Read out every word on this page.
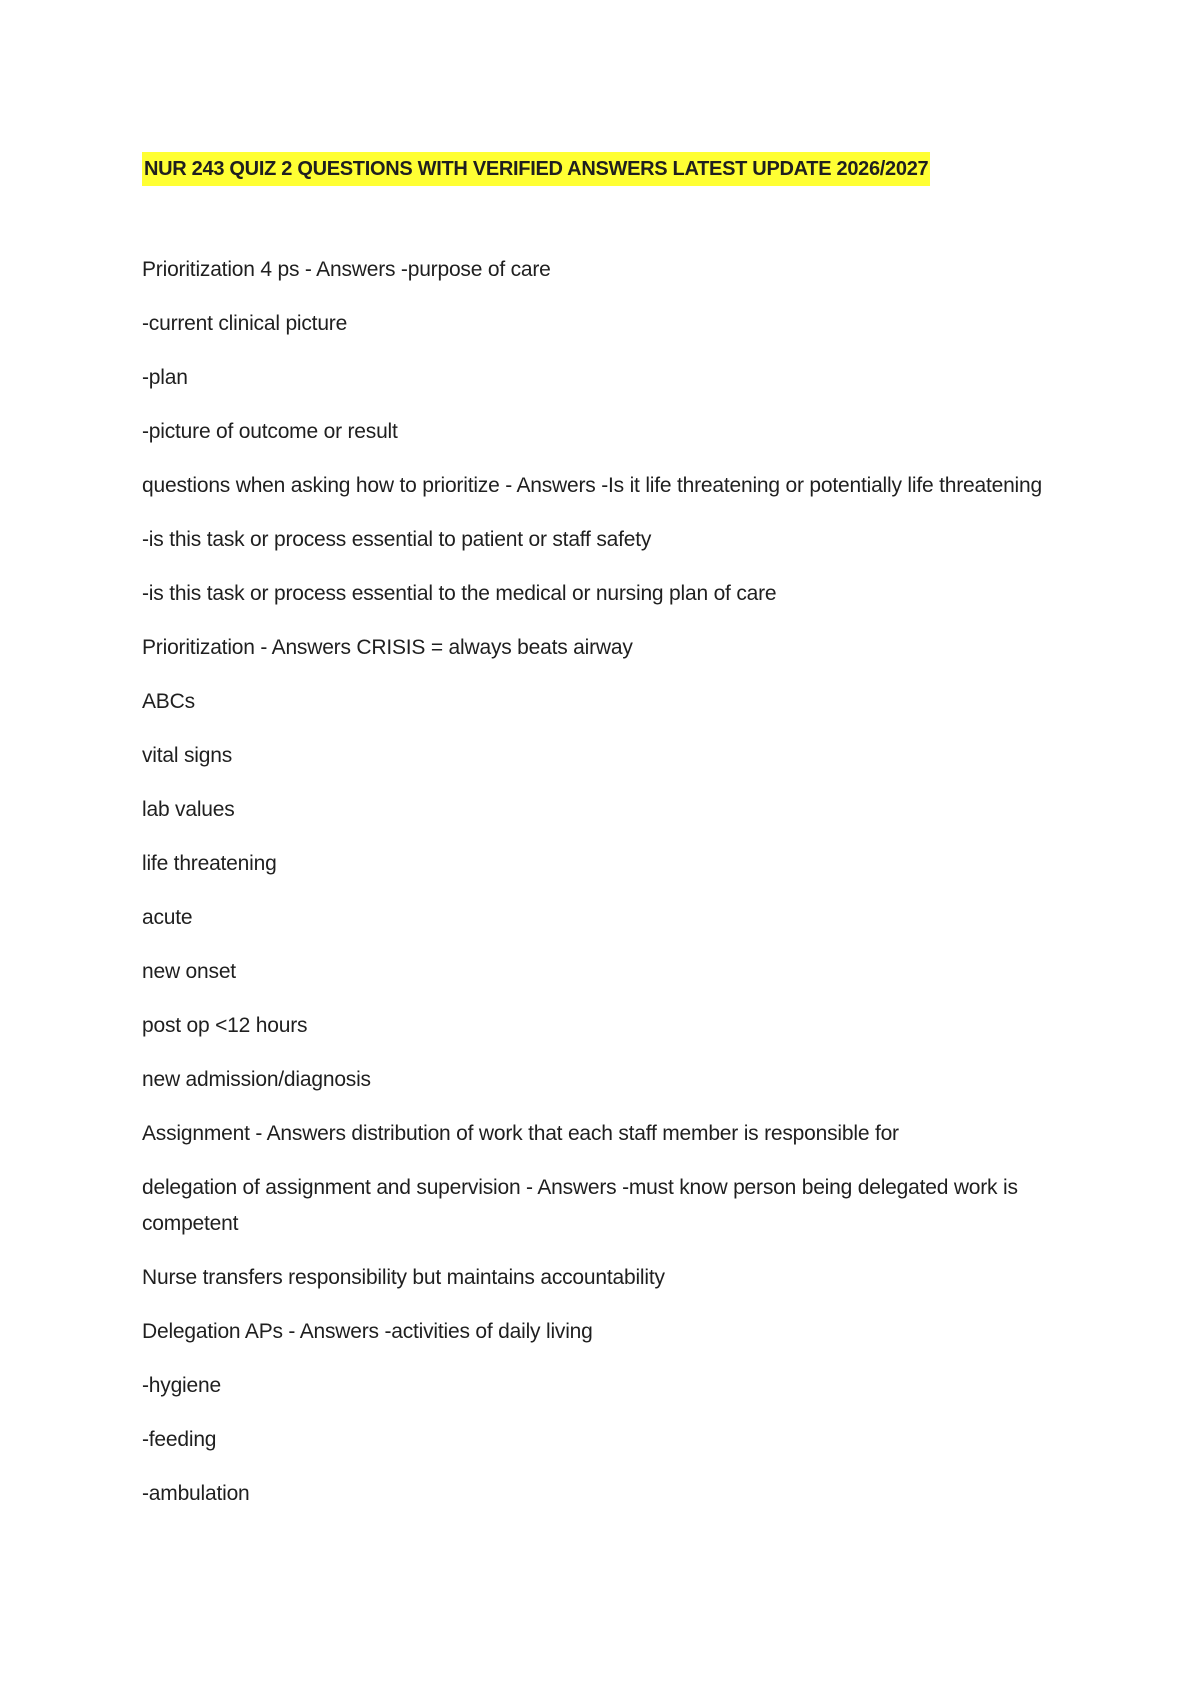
NUR 243 QUIZ 2 QUESTIONS WITH VERIFIED ANSWERS LATEST UPDATE 2026/2027
Prioritization 4 ps - Answers -purpose of care
-current clinical picture
-plan
-picture of outcome or result
questions when asking how to prioritize - Answers -Is it life threatening or potentially life threatening
-is this task or process essential to patient or staff safety
-is this task or process essential to the medical or nursing plan of care
Prioritization - Answers CRISIS = always beats airway
ABCs
vital signs
lab values
life threatening
acute
new onset
post op <12 hours
new admission/diagnosis
Assignment - Answers distribution of work that each staff member is responsible for
delegation of assignment and supervision - Answers -must know person being delegated work is competent
Nurse transfers responsibility but maintains accountability
Delegation APs - Answers -activities of daily living
-hygiene
-feeding
-ambulation
